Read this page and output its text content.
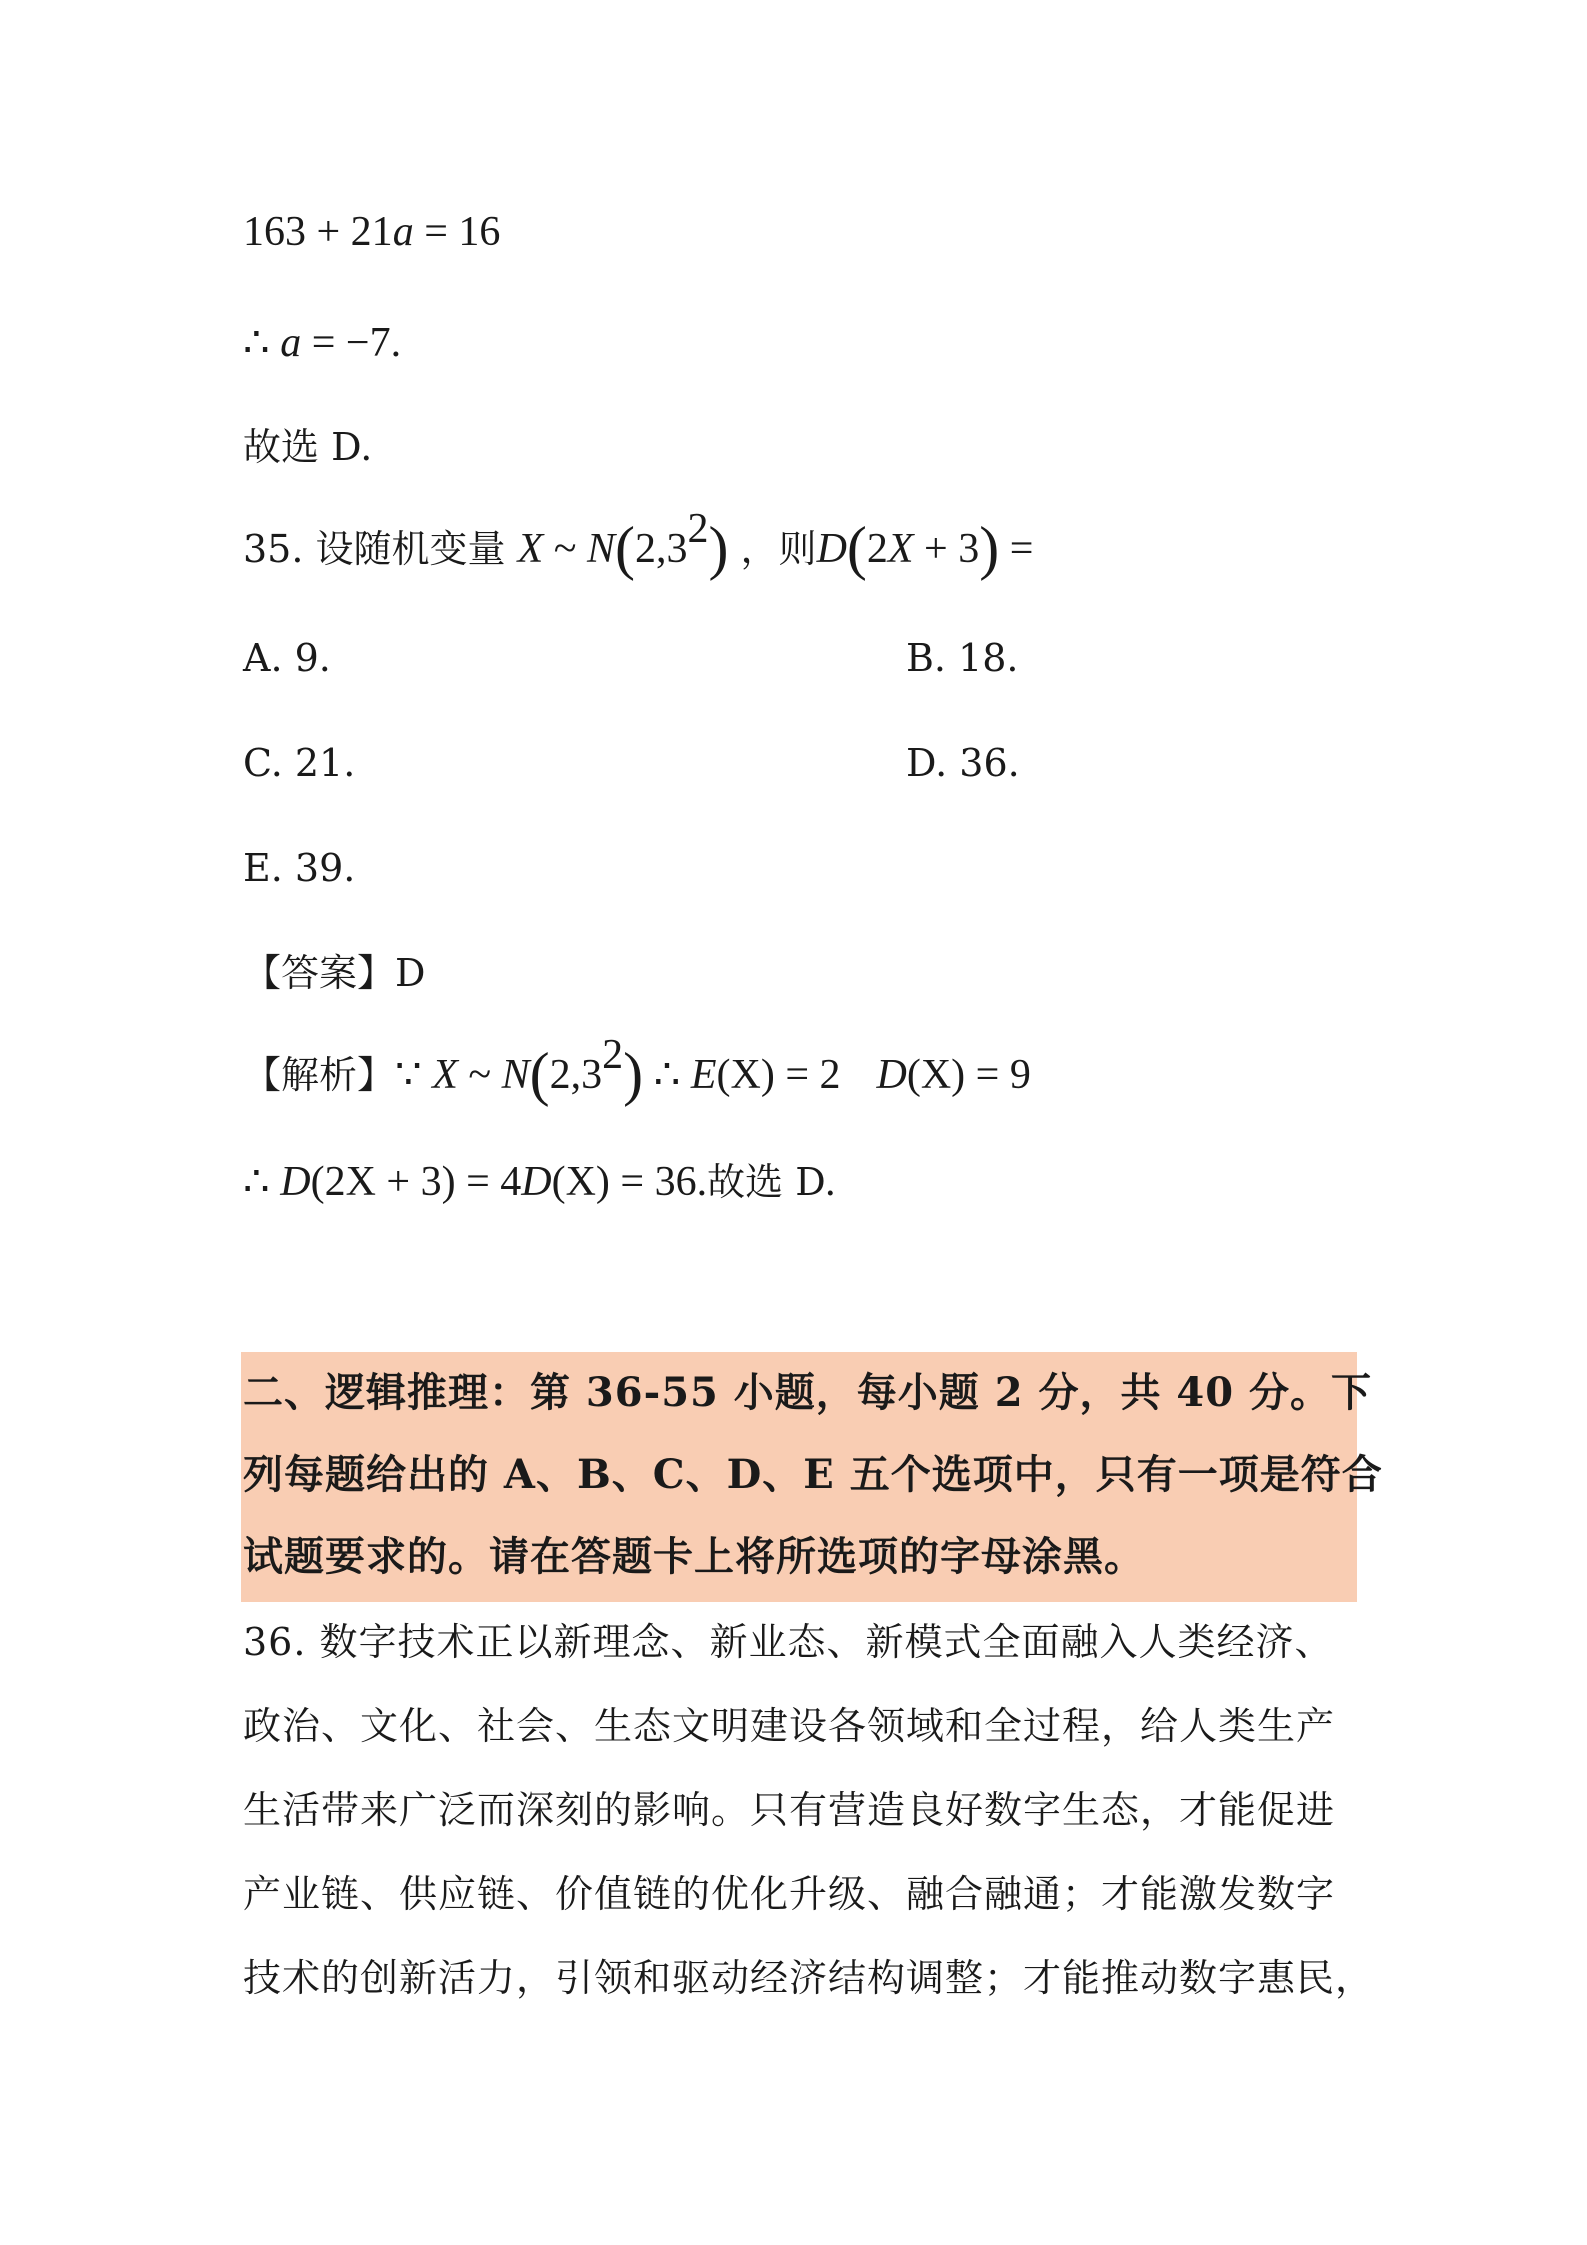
163 + 21a = 16
∴ a = −7.
故选 D.
35. 设随机变量 X ~ $N(2,3^2)$ ，则D(2X + 3) =
A. 9.	B. 18.
C. 21.	D. 36.
E. 39.
【答案】D
【解析】∵ X ~ $N(2,3^2)$ ∴ E(X) = 2 D(X) = 9
∴ D(2X + 3) = 4D(X) = 36.故选 D.
二、逻辑推理：第 36-55 小题，每小题 2 分，共 40 分。下
列每题给出的 A、B、C、D、E 五个选项中，只有一项是符合
试题要求的。请在答题卡上将所选项的字母涂黑。
36. 数字技术正以新理念、新业态、新模式全面融入人类经济、
政治、文化、社会、生态文明建设各领域和全过程，给人类生产
生活带来广泛而深刻的影响。只有营造良好数字生态，才能促进
产业链、供应链、价值链的优化升级、融合融通；才能激发数字
技术的创新活力，引领和驱动经济结构调整；才能推动数字惠民，
